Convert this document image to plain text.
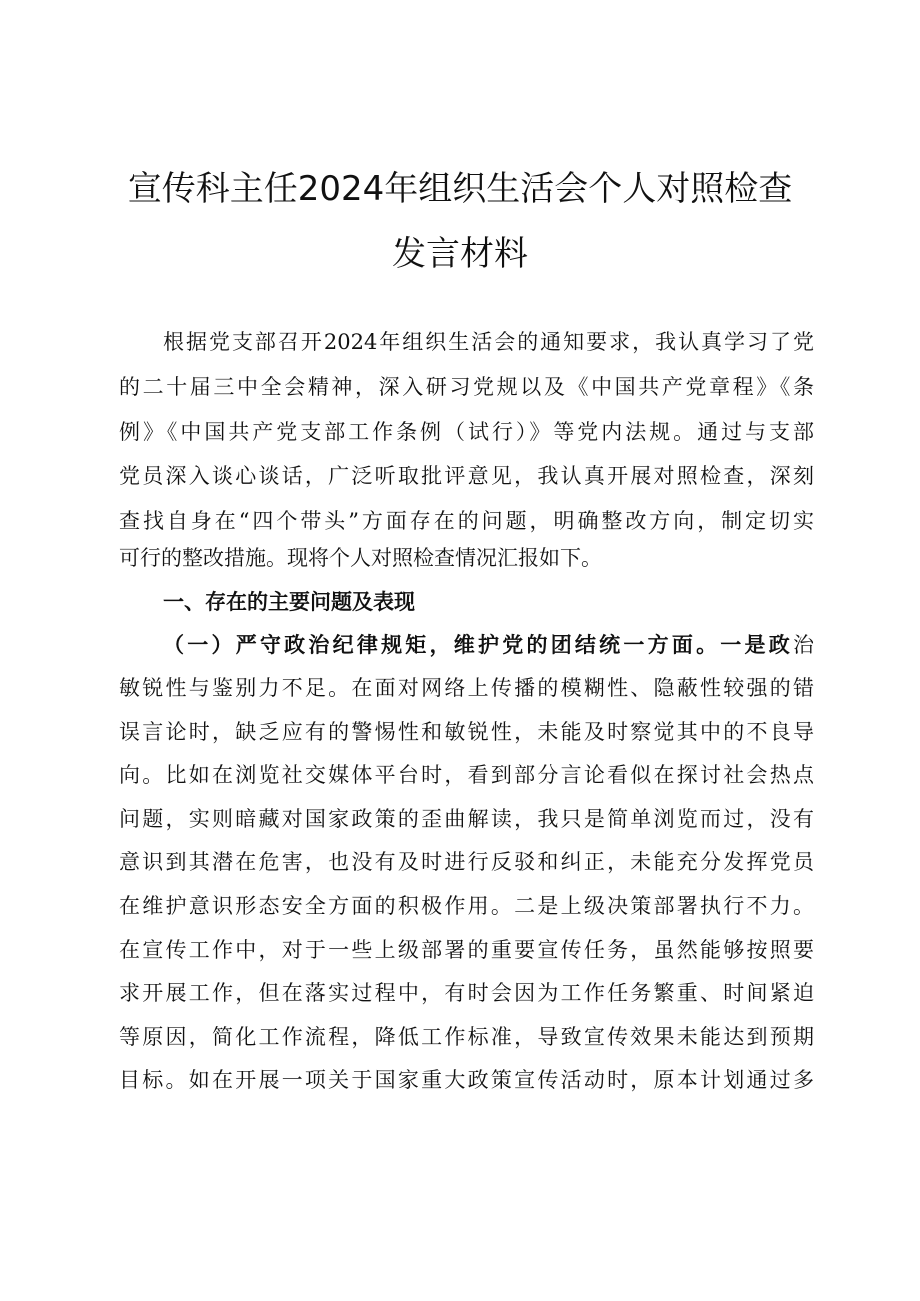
宣传科主任2024年组织生活会个人对照检查
发言材料
根据党支部召开2024年组织生活会的通知要求，我认真学习了党
的二十届三中全会精神，深入研习党规以及《中国共产党章程》《条
例》《中国共产党支部工作条例（试行）》等党内法规。通过与支部
党员深入谈心谈话，广泛听取批评意见，我认真开展对照检查，深刻
查找自身在“四个带头”方面存在的问题，明确整改方向，制定切实
可行的整改措施。现将个人对照检查情况汇报如下。
一、存在的主要问题及表现
（一）严守政治纪律规矩，维护党的团结统一方面。一是政治
敏锐性与鉴别力不足。在面对网络上传播的模糊性、隐蔽性较强的错
误言论时，缺乏应有的警惕性和敏锐性，未能及时察觉其中的不良导
向。比如在浏览社交媒体平台时，看到部分言论看似在探讨社会热点
问题，实则暗藏对国家政策的歪曲解读，我只是简单浏览而过，没有
意识到其潜在危害，也没有及时进行反驳和纠正，未能充分发挥党员
在维护意识形态安全方面的积极作用。二是上级决策部署执行不力。
在宣传工作中，对于一些上级部署的重要宣传任务，虽然能够按照要
求开展工作，但在落实过程中，有时会因为工作任务繁重、时间紧迫
等原因，简化工作流程，降低工作标准，导致宣传效果未能达到预期
目标。如在开展一项关于国家重大政策宣传活动时，原本计划通过多
